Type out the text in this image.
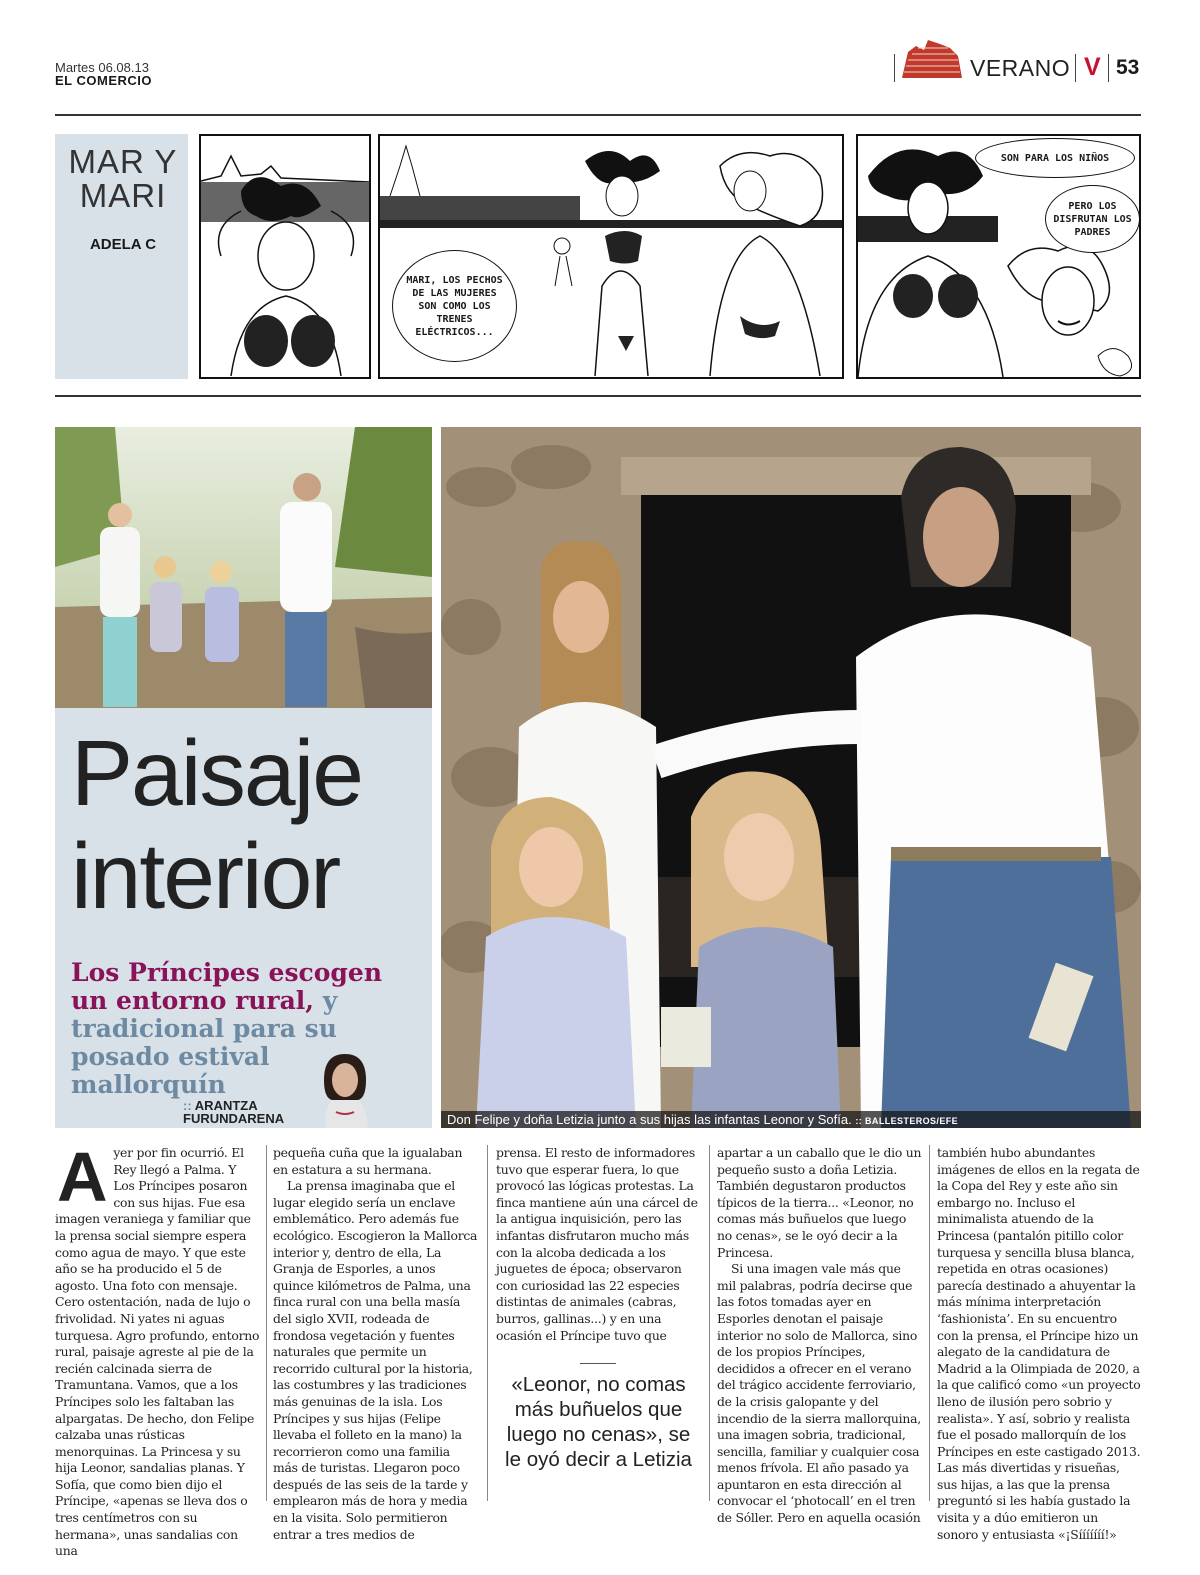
Martes 06.08.13
EL COMERCIO	VERANO V 53
MAR Y MARI
ADELA C
MARI, LOS PECHOS DE LAS MUJERES SON COMO LOS TRENES ELÉCTRICOS...
SON PARA LOS NIÑOS
PERO LOS DISFRUTAN LOS PADRES
Paisaje interior
Los Príncipes escogen un entorno rural, y tradicional para su posado estival mallorquín
:: ARANTZA
FURUNDARENA	Don Felipe y doña Letizia junto a sus hijas las infantas Leonor y Sofía. :: BALLESTEROS/EFE
Ayer por fin ocurrió. El Rey llegó a Palma. Y Los Príncipes posaron con sus hijas. Fue esa imagen veraniega y familiar que la prensa social siempre espera como agua de mayo. Y que este año se ha producido el 5 de agosto. Una foto con mensaje. Cero ostentación, nada de lujo o frivolidad. Ni yates ni aguas turquesa. Agro profundo, entorno rural, paisaje agreste al pie de la recién calcinada sierra de Tramuntana. Vamos, que a los Príncipes solo les faltaban las alpargatas. De hecho, don Felipe calzaba unas rústicas menorquinas. La Princesa y su hija Leonor, sandalias planas. Y Sofía, que como bien dijo el Príncipe, «apenas se lleva dos o tres centímetros con su hermana», unas sandalias con una
pequeña cuña que la igualaban en estatura a su hermana.
La prensa imaginaba que el lugar elegido sería un enclave emblemático. Pero además fue ecológico. Escogieron la Mallorca interior y, dentro de ella, La Granja de Esporles, a unos quince kilómetros de Palma, una finca rural con una bella masía del siglo XVII, rodeada de frondosa vegetación y fuentes naturales que permite un recorrido cultural por la historia, las costumbres y las tradiciones más genuinas de la isla. Los Príncipes y sus hijas (Felipe llevaba el folleto en la mano) la recorrieron como una familia más de turistas. Llegaron poco después de las seis de la tarde y emplearon más de hora y media en la visita. Solo permitieron entrar a tres medios de
prensa. El resto de informadores tuvo que esperar fuera, lo que provocó las lógicas protestas. La finca mantiene aún una cárcel de la antigua inquisición, pero las infantas disfrutaron mucho más con la alcoba dedicada a los juguetes de época; observaron con curiosidad las 22 especies distintas de animales (cabras, burros, gallinas...) y en una ocasión el Príncipe tuvo que
«Leonor, no comas más buñuelos que luego no cenas», se le oyó decir a Letizia
apartar a un caballo que le dio un pequeño susto a doña Letizia. También degustaron productos típicos de la tierra... «Leonor, no comas más buñuelos que luego no cenas», se le oyó decir a la Princesa.
Si una imagen vale más que mil palabras, podría decirse que las fotos tomadas ayer en Esporles denotan el paisaje interior no solo de Mallorca, sino de los propios Príncipes, decididos a ofrecer en el verano del trágico accidente ferroviario, de la crisis galopante y del incendio de la sierra mallorquina, una imagen sobria, tradicional, sencilla, familiar y cualquier cosa menos frívola. El año pasado ya apuntaron en esta dirección al convocar el ‘photocall’ en el tren de Sóller. Pero en aquella ocasión
también hubo abundantes imágenes de ellos en la regata de la Copa del Rey y este año sin embargo no. Incluso el minimalista atuendo de la Princesa (pantalón pitillo color turquesa y sencilla blusa blanca, repetida en otras ocasiones) parecía destinado a ahuyentar la más mínima interpretación ‘fashionista’. En su encuentro con la prensa, el Príncipe hizo un alegato de la candidatura de Madrid a la Olimpiada de 2020, a la que calificó como «un proyecto lleno de ilusión pero sobrio y realista». Y así, sobrio y realista fue el posado mallorquín de los Príncipes en este castigado 2013. Las más divertidas y risueñas, sus hijas, a las que la prensa preguntó si les había gustado la visita y a dúo emitieron un sonoro y entusiasta «¡Sííííííí!»
